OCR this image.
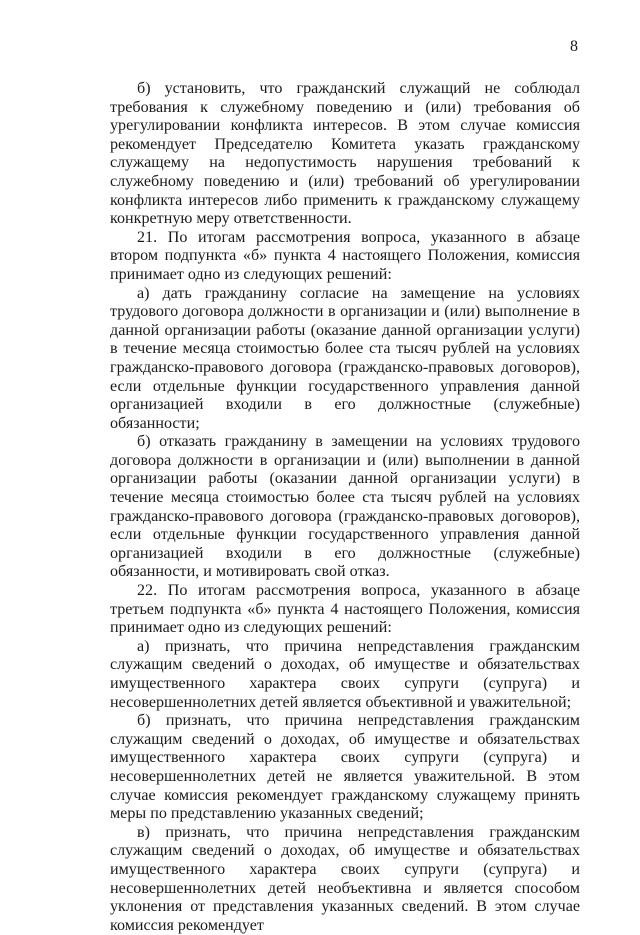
8

б) установить, что гражданский служащий не соблюдал требования к служебному поведению и (или) требования об урегулировании конфликта интересов. В этом случае комиссия рекомендует Председателю Комитета указать гражданскому служащему на недопустимость нарушения требований к служебному поведению и (или) требований об урегулировании конфликта интересов либо применить к гражданскому служащему конкретную меру ответственности.

21. По итогам рассмотрения вопроса, указанного в абзаце втором подпункта «б» пункта 4 настоящего Положения, комиссия принимает одно из следующих решений:

а) дать гражданину согласие на замещение на условиях трудового договора должности в организации и (или) выполнение в данной организации работы (оказание данной организации услуги) в течение месяца стоимостью более ста тысяч рублей на условиях гражданско-правового договора (гражданско-правовых договоров), если отдельные функции государственного управления данной организацией входили в его должностные (служебные) обязанности;

б) отказать гражданину в замещении на условиях трудового договора должности в организации и (или) выполнении в данной организации работы (оказании данной организации услуги) в течение месяца стоимостью более ста тысяч рублей на условиях гражданско-правового договора (гражданско-правовых договоров), если отдельные функции государственного управления данной организацией входили в его должностные (служебные) обязанности, и мотивировать свой отказ.

22. По итогам рассмотрения вопроса, указанного в абзаце третьем подпункта «б» пункта 4 настоящего Положения, комиссия принимает одно из следующих решений:

а) признать, что причина непредставления гражданским служащим сведений о доходах, об имуществе и обязательствах имущественного характера своих супруги (супруга) и несовершеннолетних детей является объективной и уважительной;

б) признать, что причина непредставления гражданским служащим сведений о доходах, об имуществе и обязательствах имущественного характера своих супруги (супруга) и несовершеннолетних детей не является уважительной. В этом случае комиссия рекомендует гражданскому служащему принять меры по представлению указанных сведений;

в) признать, что причина непредставления гражданским служащим сведений о доходах, об имуществе и обязательствах имущественного характера своих супруги (супруга) и несовершеннолетних детей необъективна и является способом уклонения от представления указанных сведений. В этом случае комиссия рекомендует
